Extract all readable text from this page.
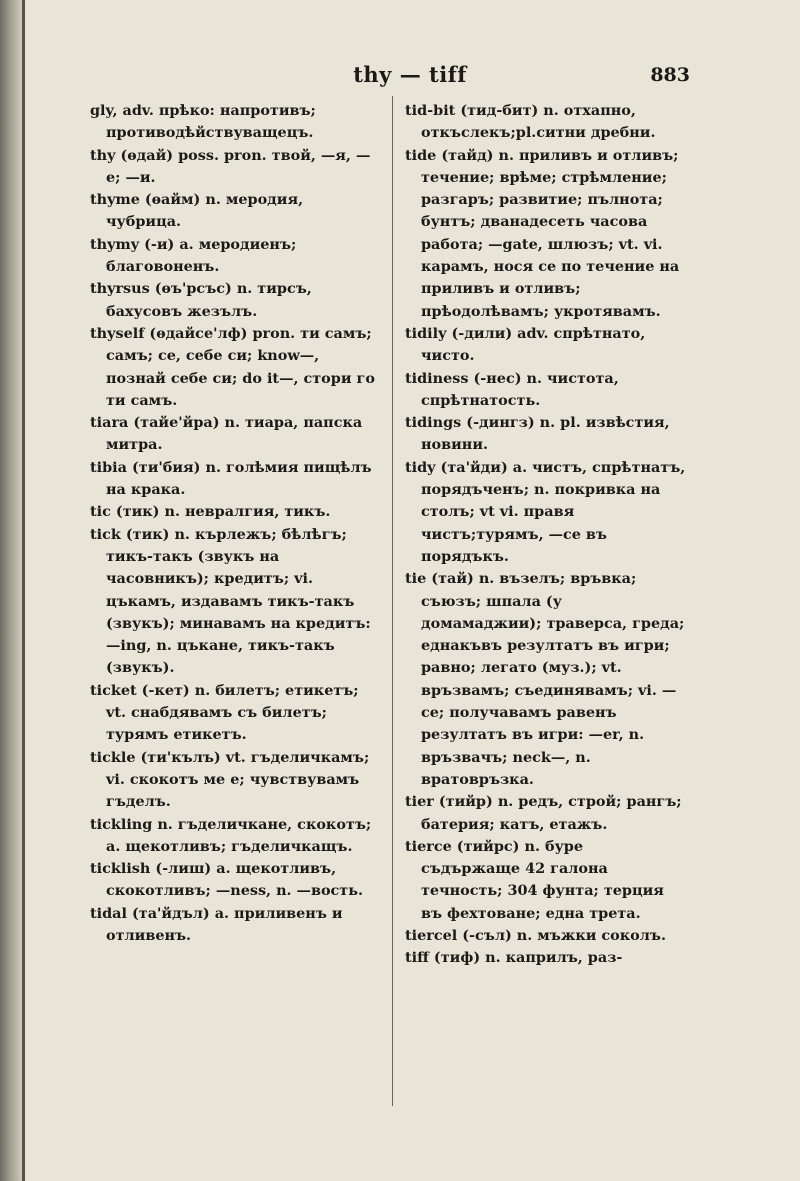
thy — tiff	883

gly, adv. прѣко: напротивъ; противодѣйствуващецъ.

thy (ѳдай) poss. pron. твой, —я, —е; —и.

thyme (ѳайм) n. меродия, чубрица.

thymy (-и) a. меродиенъ; благовоненъ.

thyrsus (ѳъ'рсъс) n. тирсъ, бахусовъ жезълъ.

thyself (ѳдайсе'лф) pron. ти самъ; самъ; се, себе си; know—, познай себе си; do it—, стори го ти самъ.

tiara (тайе'йра) n. тиара, папска митра.

tibia (ти'бия) n. голѣмия пищѣлъ на крака.

tic (тик) n. невралгия, тикъ.

tick (тик) n. кърлежъ; бѣлѣгъ; тикъ-такъ (звукъ на часовникъ); кредитъ; vi. цъкамъ, издавамъ тикъ-такъ (звукъ); минавамъ на кредитъ: —ing, n. цъкане, тикъ-такъ (звукъ).

ticket (-кет) n. билетъ; етикетъ; vt. снабдявамъ съ билетъ; турямъ етикетъ.

tickle (ти'кълъ) vt. гъделичкамъ; vi. скокотъ ме е; чувствувамъ гъделъ.

tickling n. гъделичкане, скокотъ; a. щекотливъ; гъделичкащъ.

ticklish (-лиш) a. щекотливъ, скокотливъ; —ness, n. —вость.

tidal (та'йдъл) a. приливенъ и отливенъ.

tid-bit (тид-бит) n. отхапно, откъслекъ;pl.ситни дребни.

tide (тайд) n. приливъ и отливъ; течение; врѣме; стрѣмление; разгаръ; развитие; пълнота; бунтъ; дванадесеть часова работа; —gate, шлюзъ; vt. vi. карамъ, нося се по течение на приливъ и отливъ; прѣодолѣвамъ; укротявамъ.

tidily (-дили) adv. спрѣтнато, чисто.

tidiness (-нес) n. чистота, спрѣтнатость.

tidings (-дингз) n. pl. извѣстия, новини.

tidy (та'йди) a. чистъ, спрѣтнатъ, порядъченъ; n. покривка на столъ; vt vi. правя чистъ;турямъ, —се въ порядъкъ.

tie (тай) n. възелъ; връвка; съюзъ; шпала (у домамаджии); траверса, греда; еднакъвъ резултатъ въ игри; равно; легато (муз.); vt. връзвамъ; съединявамъ; vi. —се; получавамъ равенъ резултатъ въ игри: —er, n. връзвачъ; neck—, n. вратовръзка.

tier (тийр) n. редъ, строй; рангъ; батерия; катъ, етажъ.

tierce (тийрс) n. буре съдържаще 42 галона течность; 304 фунта; терция въ фехтоване; една трета.

tiercel (-съл) n. мъжки соколъ.

tiff (тиф) n. каприлъ, раз-
